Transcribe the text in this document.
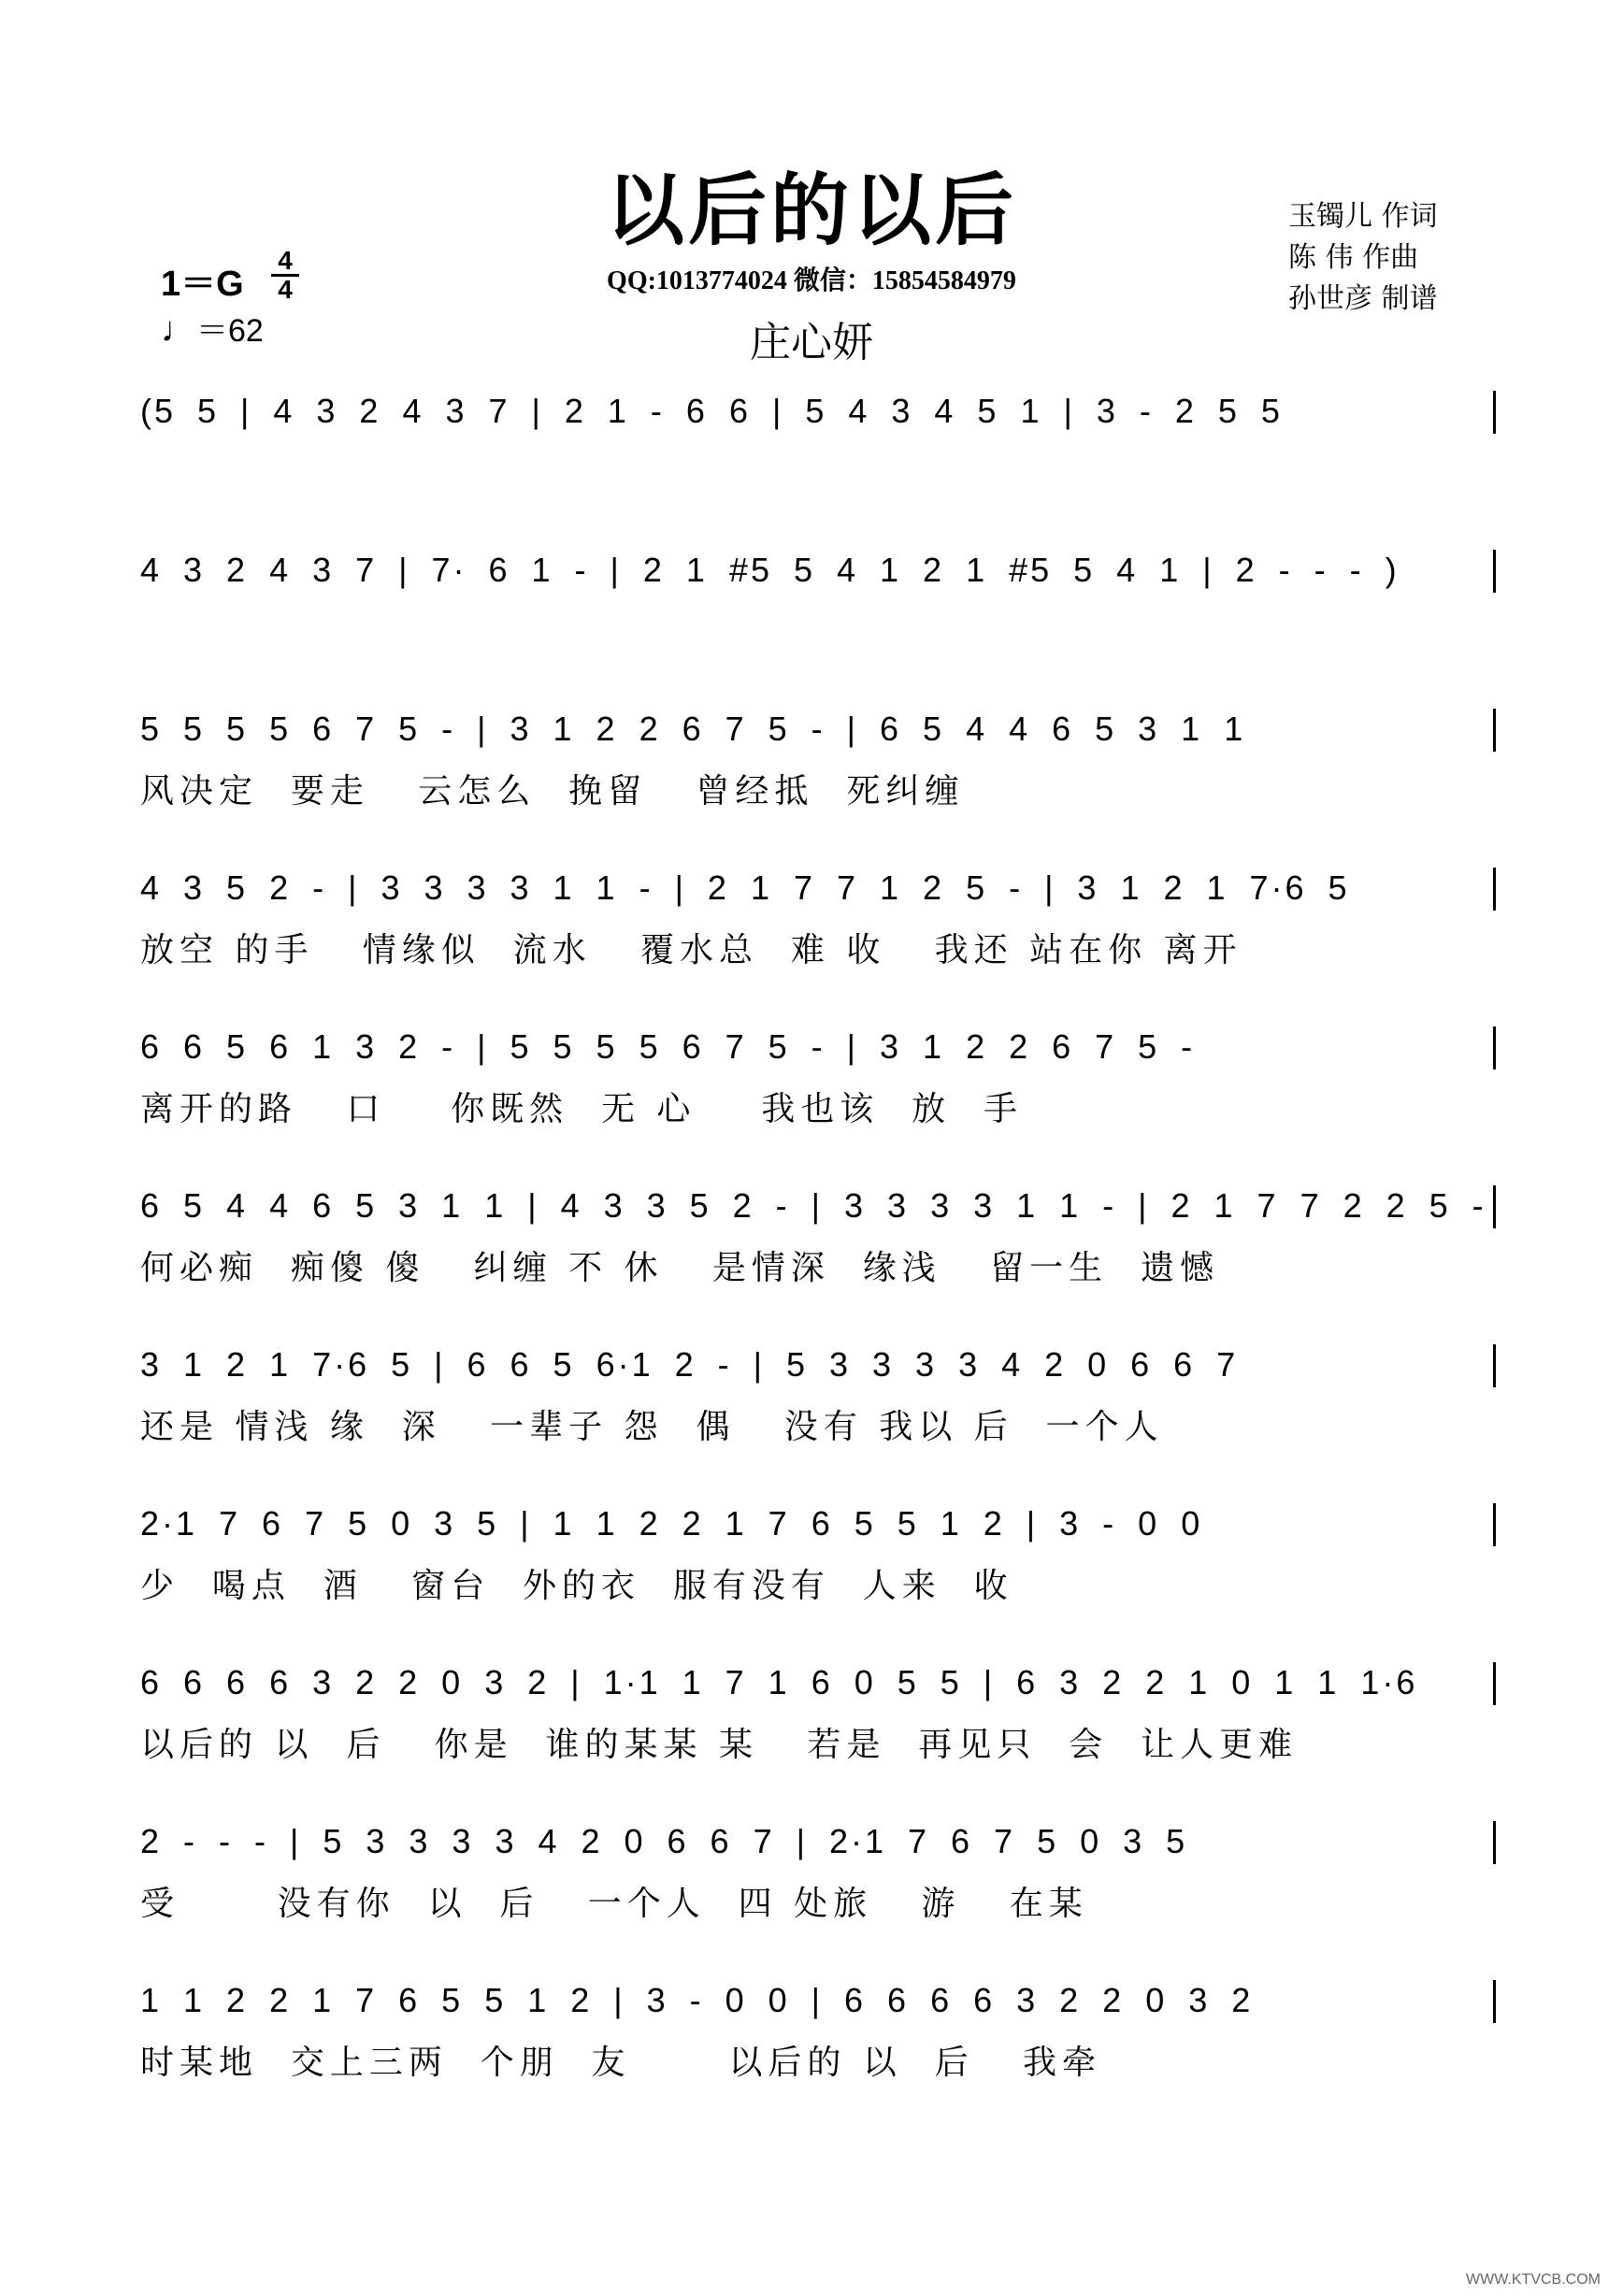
以后的以后
QQ:1013774024 微信：15854584979
庄心妍
玉镯儿 作词
陈 伟 作曲
孙世彦 制谱
1＝G
4
4
♩＝62
(5 5 | 4 3 2 4 3 7 | 2 1 - 6 6 | 5 4 3 4 5 1 | 3 - 2 5 5
4 3 2 4 3 7 | 7· 6 1 - | 2 1 #5 5 4 1 2 1 #5 5 4 1 | 2 - - - )
5 5 5 5 6 7 5 - | 3 1 2 2 6 7 5 - | 6 5 4 4 6 5 3 1 1
风决定  要走   云怎么  挽留   曾经抵  死纠缠
4 3 5 2 - | 3 3 3 3 1 1 - | 2 1 7 7 1 2 5 - | 3 1 2 1 7·6 5
放空 的手   情缘似  流水   覆水总  难 收   我还 站在你 离开
6 6 5 6 1 3 2 - | 5 5 5 5 6 7 5 - | 3 1 2 2 6 7 5 -
离开的路   口    你既然  无 心    我也该  放  手
6 5 4 4 6 5 3 1 1 | 4 3 3 5 2 - | 3 3 3 3 1 1 - | 2 1 7 7 2 2 5 -
何必痴  痴傻 傻   纠缠 不 休   是情深  缘浅   留一生  遗憾
3 1 2 1 7·6 5 | 6 6 5 6·1 2 - | 5 3 3 3 3 4 2 0 6 6 7
还是 情浅 缘  深   一辈子 怨  偶   没有 我以 后  一个人
2·1 7 6 7 5 0 3 5 | 1 1 2 2 1 7 6 5 5 1 2 | 3 - 0 0
少  喝点  酒   窗台  外的衣  服有没有  人来  收
6 6 6 6 3 2 2 0 3 2 | 1·1 1 7 1 6 0 5 5 | 6 3 2 2 1 0 1 1 1·6
以后的 以  后   你是  谁的某某 某   若是  再见只  会  让人更难
2 - - - | 5 3 3 3 3 4 2 0 6 6 7 | 2·1 7 6 7 5 0 3 5
受      没有你  以  后   一个人  四 处旅   游   在某
1 1 2 2 1 7 6 5 5 1 2 | 3 - 0 0 | 6 6 6 6 3 2 2 0 3 2
时某地  交上三两  个朋  友      以后的 以  后   我牵
WWW.KTVCB.COM
